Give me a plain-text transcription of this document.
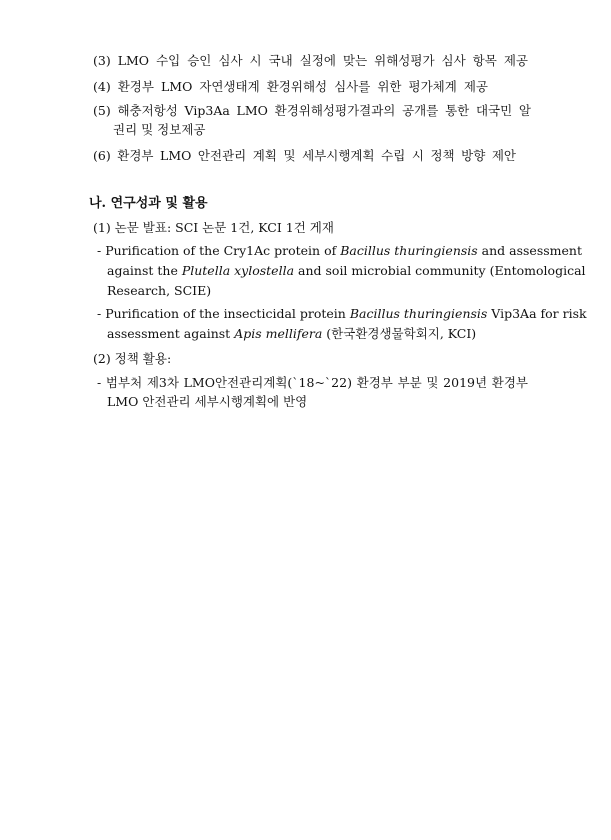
(3) LMO 수입 승인 심사 시 국내 실정에 맞는 위해성평가 심사 항목 제공
(4) 환경부 LMO 자연생태계 환경위해성 심사를 위한 평가체계 제공
(5) 해충저항성 Vip3Aa LMO 환경위해성평가결과의 공개를 통한 대국민 알
권리 및 정보제공
(6) 환경부 LMO 안전관리 계획 및 세부시행계획 수립 시 정책 방향 제안
나. 연구성과 및 활용
(1) 논문 발표: SCI 논문 1건, KCI 1건 게재
- Purification of the Cry1Ac protein of Bacillus thuringiensis and assessment
against the Plutella xylostella and soil microbial community (Entomological
Research, SCIE)
- Purification of the insecticidal protein Bacillus thuringiensis Vip3Aa for risk
assessment against Apis mellifera (한국환경생물학회지, KCI)
(2) 정책 활용:
- 범부처 제3차 LMO안전관리계획(`18~`22) 환경부 부분 및 2019년 환경부
LMO 안전관리 세부시행계획에 반영
